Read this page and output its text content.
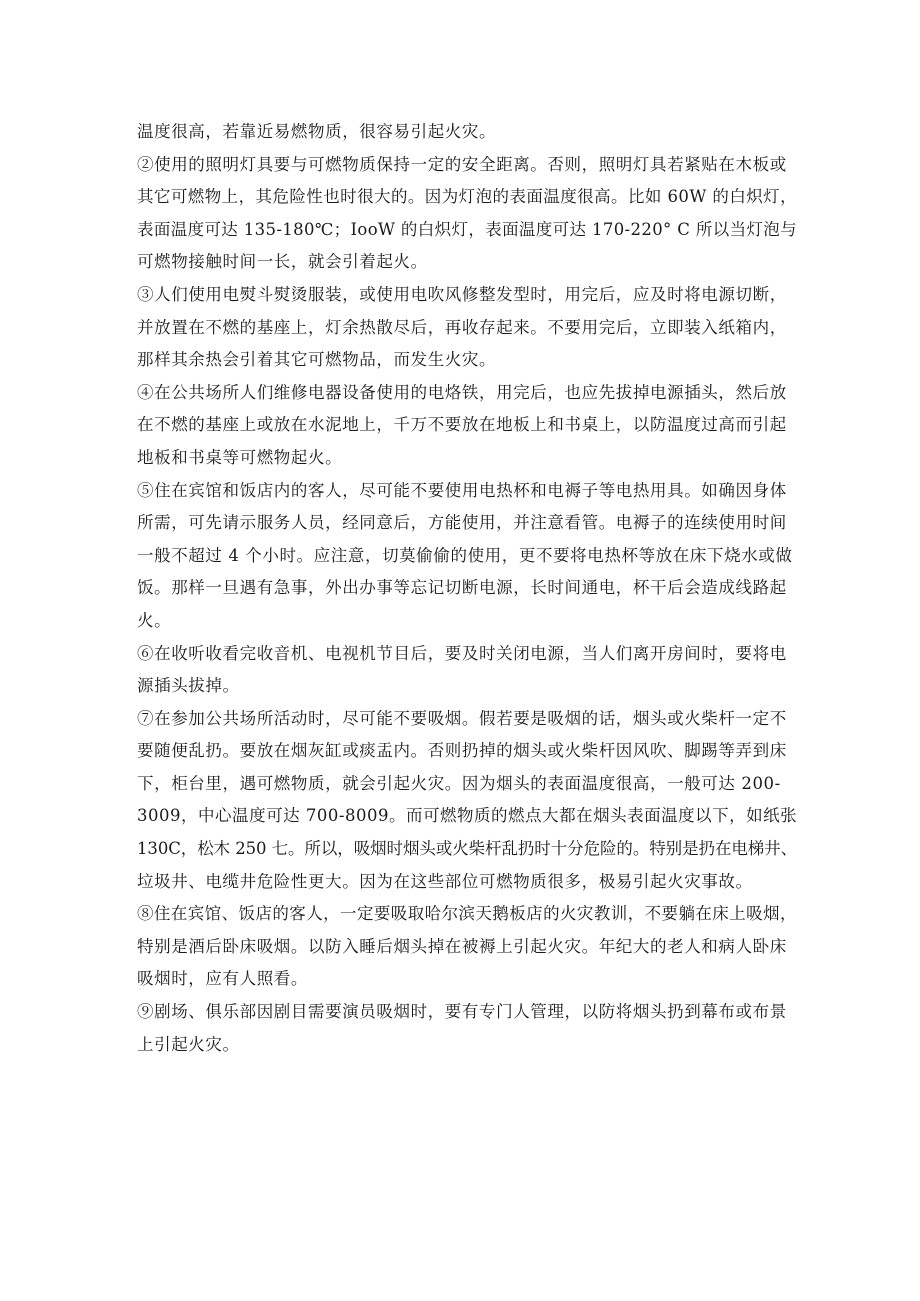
温度很高，若靠近易燃物质，很容易引起火灾。
②使用的照明灯具要与可燃物质保持一定的安全距离。否则，照明灯具若紧贴在木板或
其它可燃物上，其危险性也时很大的。因为灯泡的表面温度很高。比如 60W 的白炽灯，
表面温度可达 135-180℃；IooW 的白炽灯，表面温度可达 170-220° C 所以当灯泡与
可燃物接触时间一长，就会引着起火。
③人们使用电熨斗熨烫服装，或使用电吹风修整发型时，用完后，应及时将电源切断，
并放置在不燃的基座上，灯余热散尽后，再收存起来。不要用完后，立即装入纸箱内，
那样其余热会引着其它可燃物品，而发生火灾。
④在公共场所人们维修电器设备使用的电烙铁，用完后，也应先拔掉电源插头，然后放
在不燃的基座上或放在水泥地上，千万不要放在地板上和书桌上，以防温度过高而引起
地板和书桌等可燃物起火。
⑤住在宾馆和饭店内的客人，尽可能不要使用电热杯和电褥子等电热用具。如确因身体
所需，可先请示服务人员，经同意后，方能使用，并注意看管。电褥子的连续使用时间
一般不超过 4 个小时。应注意，切莫偷偷的使用，更不要将电热杯等放在床下烧水或做
饭。那样一旦遇有急事，外出办事等忘记切断电源，长时间通电，杯干后会造成线路起
火。
⑥在收听收看完收音机、电视机节目后，要及时关闭电源，当人们离开房间时，要将电
源插头拔掉。
⑦在参加公共场所活动时，尽可能不要吸烟。假若要是吸烟的话，烟头或火柴杆一定不
要随便乱扔。要放在烟灰缸或痰盂内。否则扔掉的烟头或火柴杆因风吹、脚踢等弄到床
下，柜台里，遇可燃物质，就会引起火灾。因为烟头的表面温度很高，一般可达 200-
3009，中心温度可达 700-8009。而可燃物质的燃点大都在烟头表面温度以下，如纸张
130C，松木 250 七。所以，吸烟时烟头或火柴杆乱扔时十分危险的。特别是扔在电梯井、
垃圾井、电缆井危险性更大。因为在这些部位可燃物质很多，极易引起火灾事故。
⑧住在宾馆、饭店的客人，一定要吸取哈尔滨天鹅板店的火灾教训，不要躺在床上吸烟，
特别是酒后卧床吸烟。以防入睡后烟头掉在被褥上引起火灾。年纪大的老人和病人卧床
吸烟时，应有人照看。
⑨剧场、俱乐部因剧目需要演员吸烟时，要有专门人管理，以防将烟头扔到幕布或布景
上引起火灾。
